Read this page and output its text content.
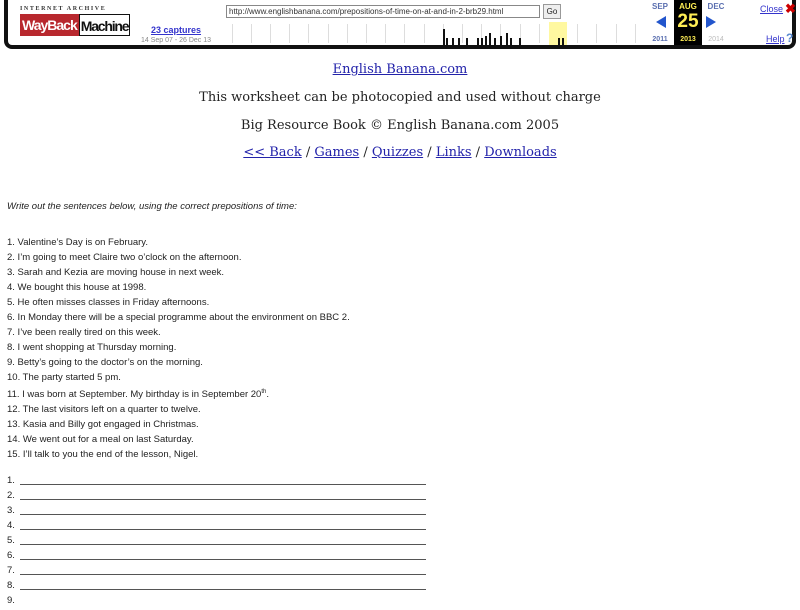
INTERNET ARCHIVE
WayBack Machine	23 captures
14 Sep 07 - 26 Dec 13
http://www.englishbanana.com/prepositions-of-time-on-at-and-in-2-brb29.html	Go
SEP
2011
AUG
25
2013
DEC
2014
Close ✖
Help ?
English Banana.com
This worksheet can be photocopied and used without charge
Big Resource Book © English Banana.com 2005
<< Back / Games / Quizzes / Links / Downloads
Write out the sentences below, using the correct prepositions of time:
1. Valentine’s Day is on February.
2. I’m going to meet Claire two o’clock on the afternoon.
3. Sarah and Kezia are moving house in next week.
4. We bought this house at 1998.
5. He often misses classes in Friday afternoons.
6. In Monday there will be a special programme about the environment on BBC 2.
7. I’ve been really tired on this week.
8. I went shopping at Thursday morning.
9. Betty’s going to the doctor’s on the morning.
10. The party started 5 pm.
11. I was born at September. My birthday is in September 20th.
12. The last visitors left on a quarter to twelve.
13. Kasia and Billy got engaged in Christmas.
14. We went out for a meal on last Saturday.
15. I’ll talk to you the end of the lesson, Nigel.
1.
2.
3.
4.
5.
6.
7.
8.
9.
